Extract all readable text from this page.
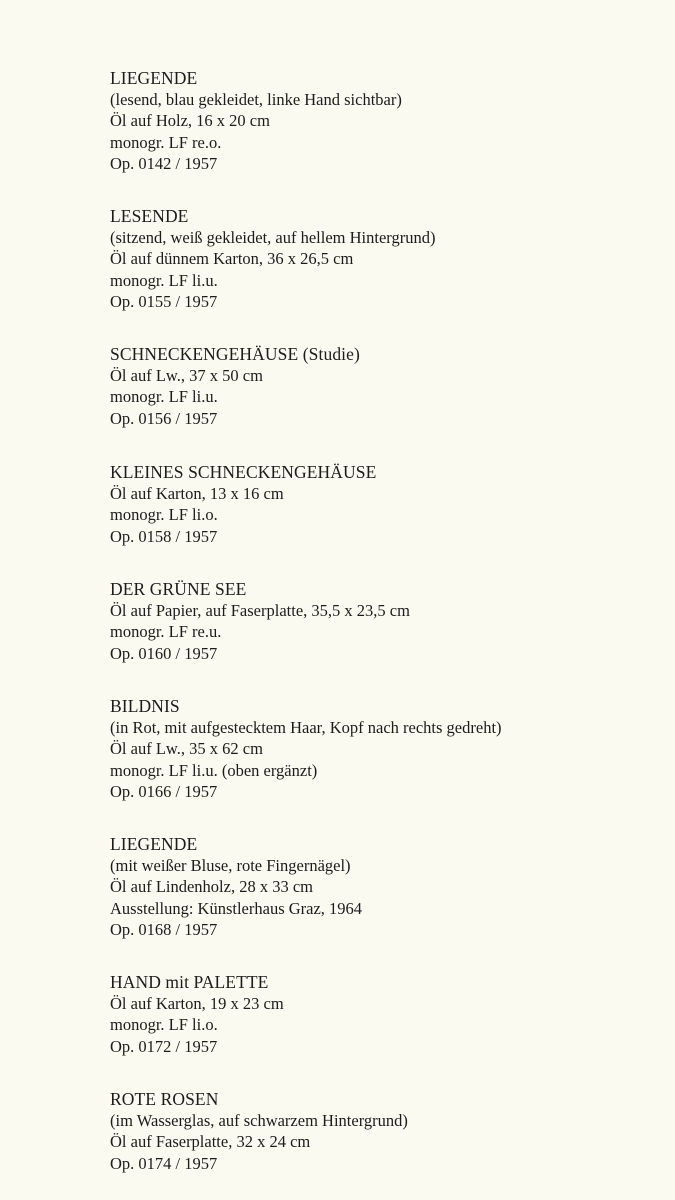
LIEGENDE
(lesend, blau gekleidet, linke Hand sichtbar)
Öl auf Holz, 16 x 20 cm
monogr. LF re.o.
Op. 0142 / 1957
LESENDE
(sitzend, weiß gekleidet, auf hellem Hintergrund)
Öl auf dünnem Karton, 36 x 26,5 cm
monogr. LF li.u.
Op. 0155 / 1957
SCHNECKENGEHÄUSE (Studie)
Öl auf Lw., 37 x 50 cm
monogr. LF li.u.
Op. 0156 / 1957
KLEINES SCHNECKENGEHÄUSE
Öl auf Karton, 13 x 16 cm
monogr. LF li.o.
Op. 0158 / 1957
DER GRÜNE SEE
Öl auf Papier, auf Faserplatte, 35,5 x 23,5 cm
monogr. LF re.u.
Op. 0160 / 1957
BILDNIS
(in Rot, mit aufgestecktem Haar, Kopf nach rechts gedreht)
Öl auf Lw., 35 x 62 cm
monogr. LF li.u. (oben ergänzt)
Op. 0166 / 1957
LIEGENDE
(mit weißer Bluse, rote Fingernägel)
Öl auf Lindenholz, 28 x 33 cm
Ausstellung: Künstlerhaus Graz, 1964
Op. 0168 / 1957
HAND mit PALETTE
Öl auf Karton, 19 x 23 cm
monogr. LF li.o.
Op. 0172 / 1957
ROTE ROSEN
(im Wasserglas, auf schwarzem Hintergrund)
Öl auf Faserplatte, 32 x 24 cm
Op. 0174 / 1957
